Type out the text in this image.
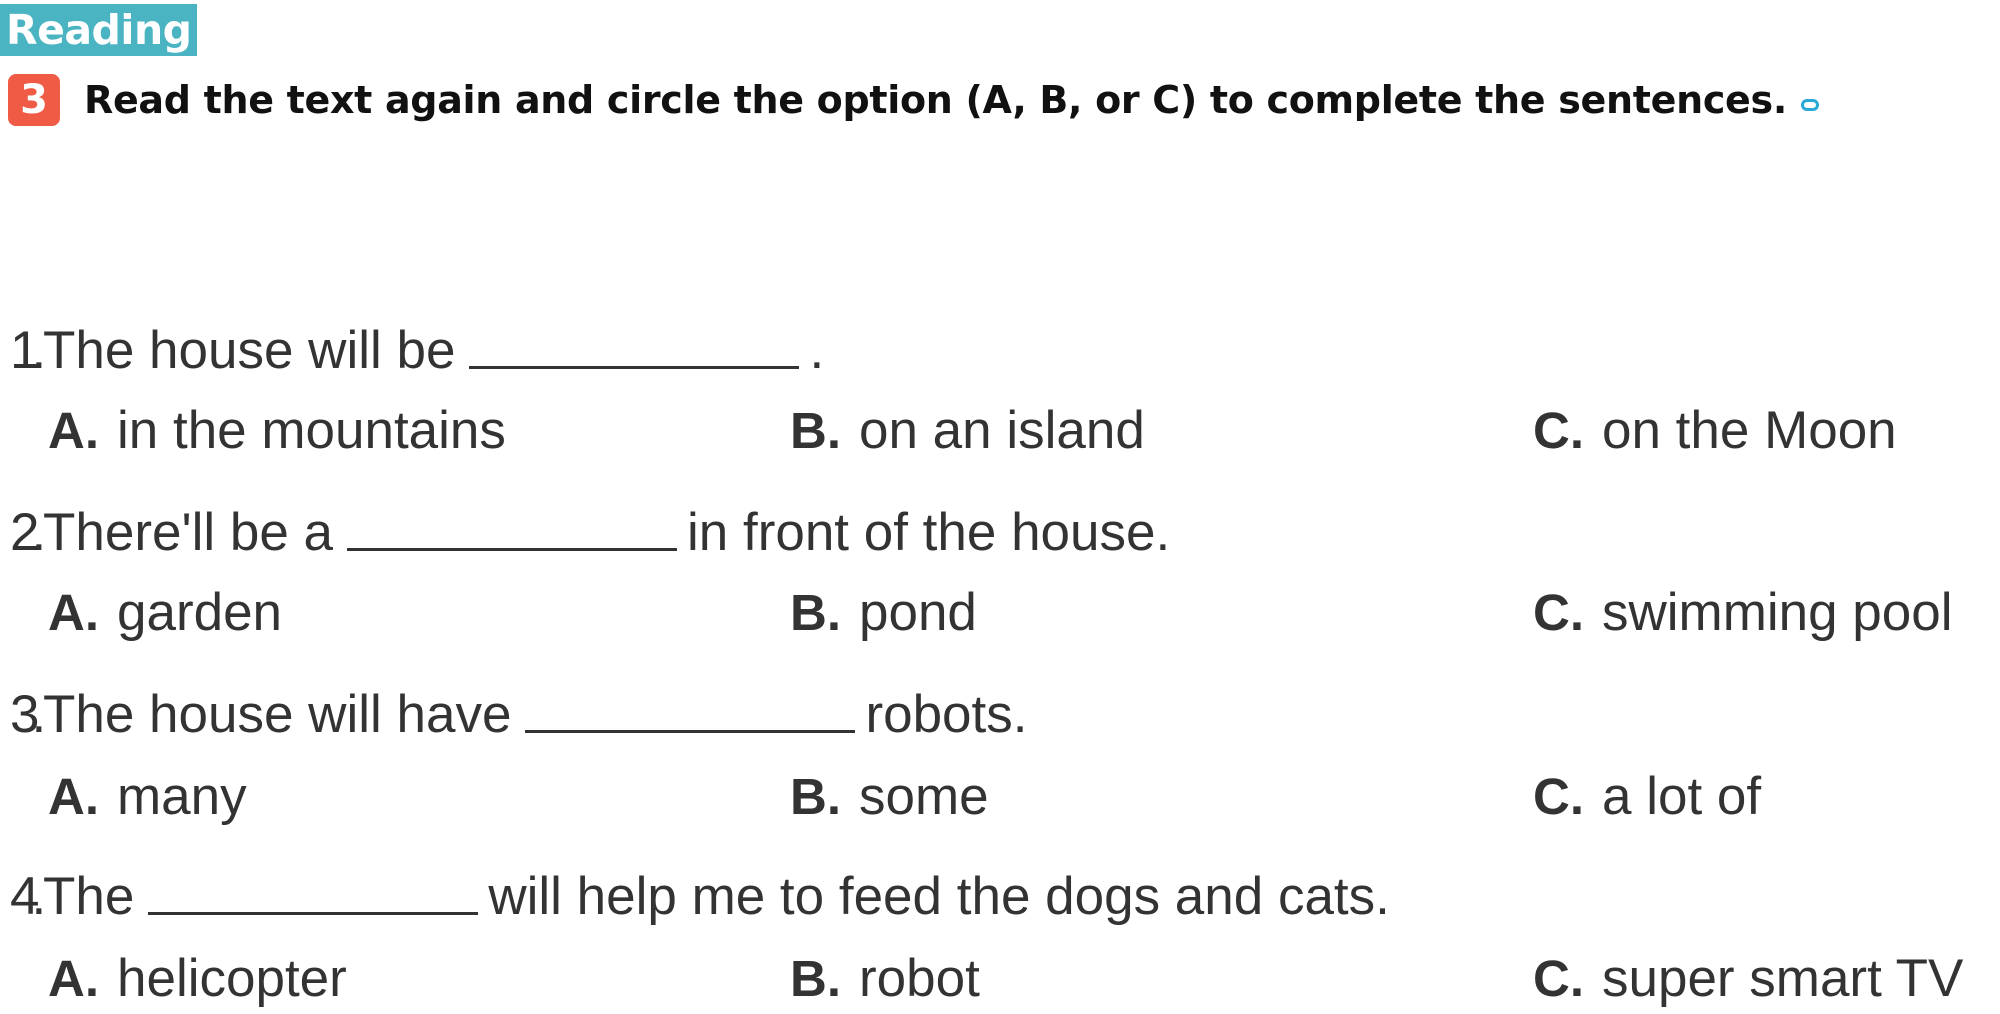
Reading
3 Read the text again and circle the option (A, B, or C) to complete the sentences.
1.The house will be	.
A. in the mountains	B. on an island	C. on the Moon
2.There'll be a	in front of the house.
A. garden	B. pond	C. swimming pool
3.The house will have	robots.
A. many	B. some	C. a lot of
4.The	will help me to feed the dogs and cats.
A. helicopter	B. robot	C. super smart TV
